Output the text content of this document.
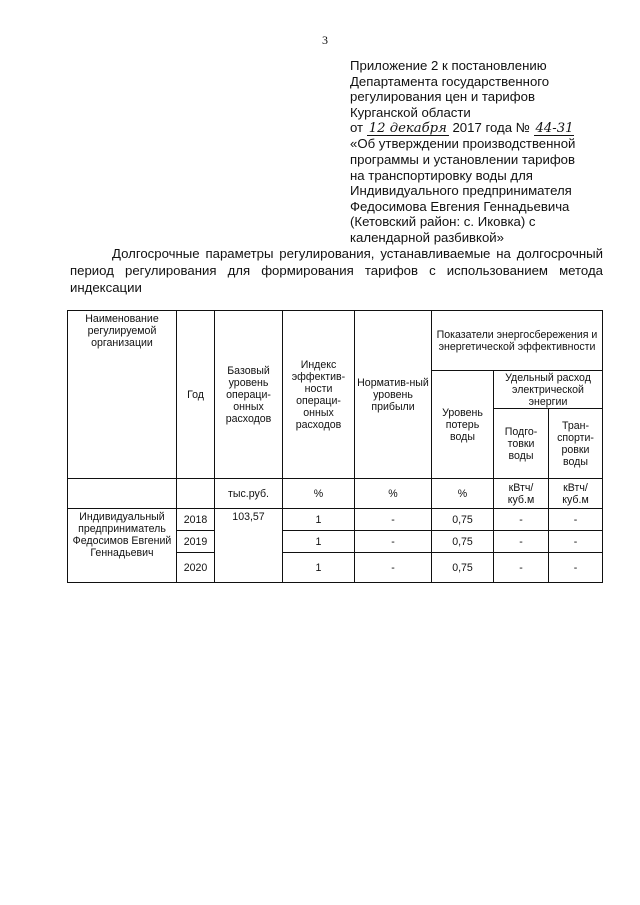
3
Приложение 2 к постановлению
Департамента государственного
регулирования цен и тарифов
Курганской области
от 12 декабря 2017 года № 44-31
«Об утверждении производственной
программы и установлении тарифов
на транспортировку воды для
Индивидуального предпринимателя
Федосимова Евгения Геннадьевича
(Кетовский район: с. Иковка) с
календарной разбивкой»
Долгосрочные параметры регулирования, устанавливаемые на долгосрочный период регулирования для формирования тарифов с использованием метода индексации
Наименование регулируемой организации	Год	Базовый уровень операци-онных расходов	Индекс эффектив-ности операци-онных расходов	Норматив-ный уровень прибыли	Показатели энергосбережения и энергетической эффективности		
					Уровень потерь воды	Удельный расход электрической энергии	
						Подго-товки воды	Тран-спорти-ровки воды
		тыс.руб.	%	%	%	кВтч/ куб.м	кВтч/ куб.м
Индивидуальный предприниматель Федосимов Евгений Геннадьевич	2018	103,57	1	-	0,75	-	-
	2019		1	-	0,75	-	-
	2020		1	-	0,75	-	-
